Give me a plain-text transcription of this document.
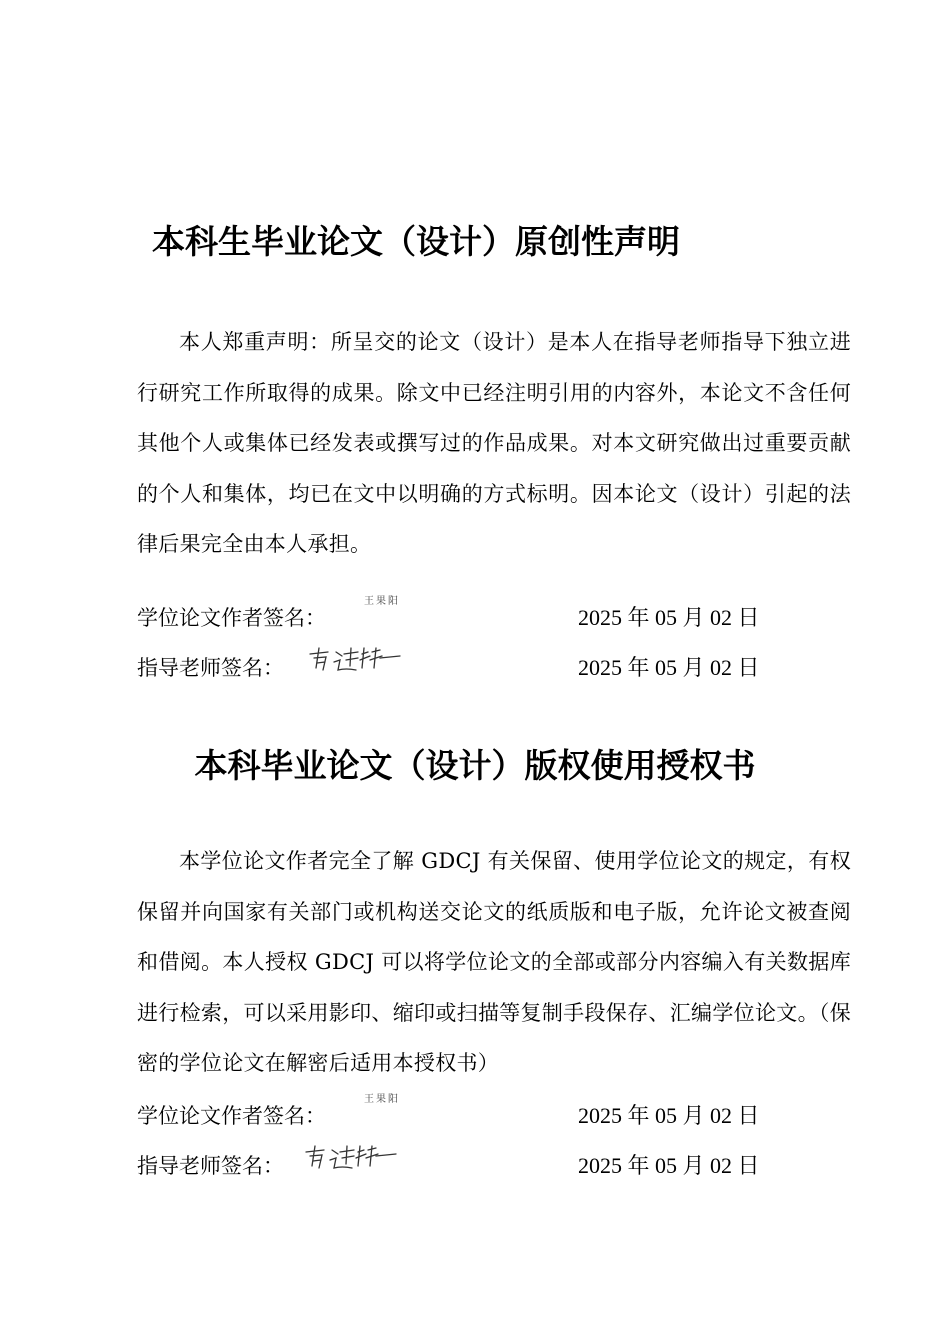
本科生毕业论文（设计）原创性声明

本人郑重声明：所呈交的论文（设计）是本人在指导老师指导下独立进行研究工作所取得的成果。除文中已经注明引用的内容外，本论文不含任何其他个人或集体已经发表或撰写过的作品成果。对本文研究做出过重要贡献的个人和集体，均已在文中以明确的方式标明。因本论文（设计）引起的法律后果完全由本人承担。

学位论文作者签名：
王果阳
2025 年 05 月 02 日
指导老师签名：	2025 年 05 月 02 日
本科毕业论文（设计）版权使用授权书

本学位论文作者完全了解 GDCJ 有关保留、使用学位论文的规定，有权保留并向国家有关部门或机构送交论文的纸质版和电子版，允许论文被查阅和借阅。本人授权 GDCJ 可以将学位论文的全部或部分内容编入有关数据库进行检索，可以采用影印、缩印或扫描等复制手段保存、汇编学位论文。（保密的学位论文在解密后适用本授权书）

学位论文作者签名：
王果阳
2025 年 05 月 02 日
指导老师签名：	2025 年 05 月 02 日
